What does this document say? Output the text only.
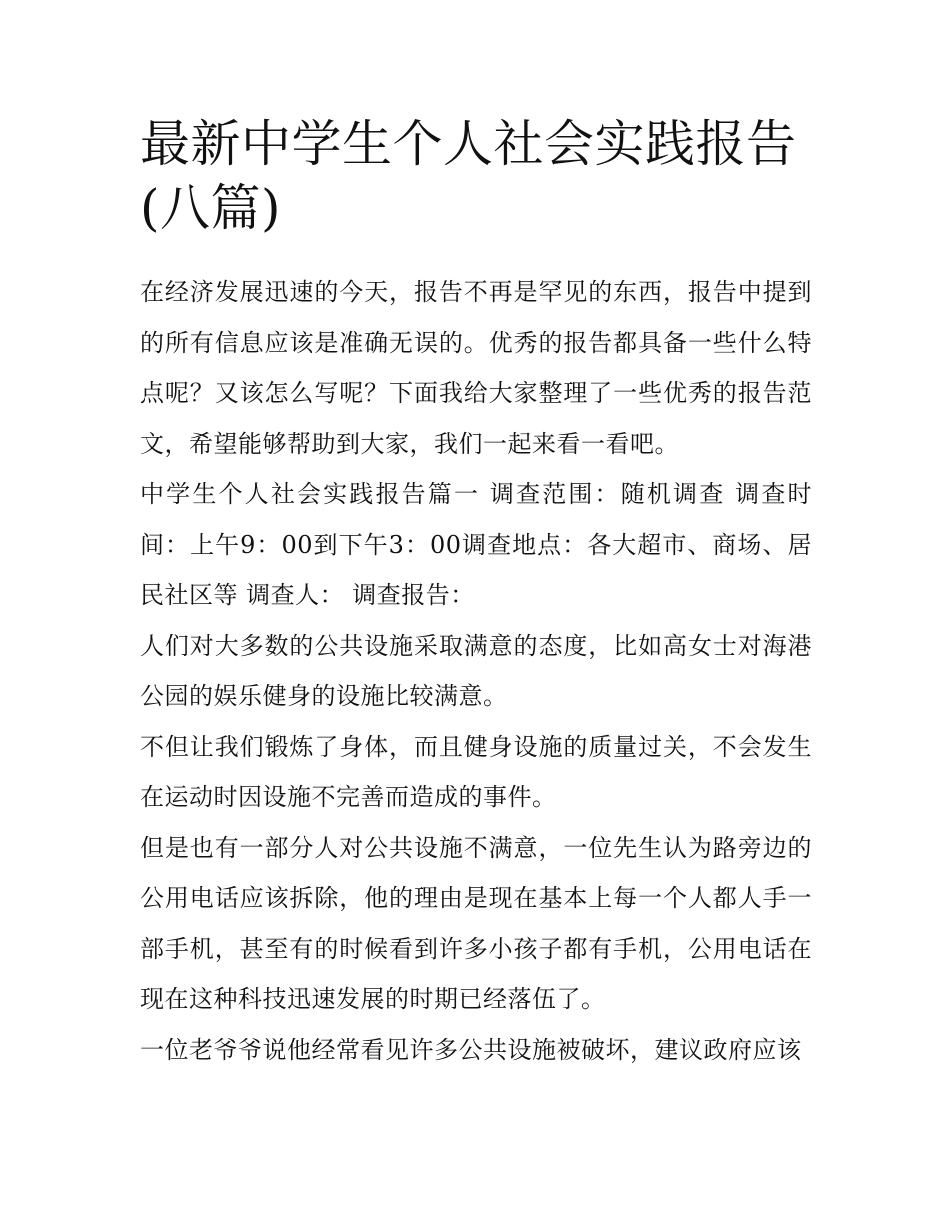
最新中学生个人社会实践报告(八篇)

在经济发展迅速的今天，报告不再是罕见的东西，报告中提到的所有信息应该是准确无误的。优秀的报告都具备一些什么特点呢？又该怎么写呢？下面我给大家整理了一些优秀的报告范文，希望能够帮助到大家，我们一起来看一看吧。

中学生个人社会实践报告篇一 调查范围：随机调查 调查时间：上午9：00到下午3：00调查地点：各大超市、商场、居民社区等 调查人： 调查报告：

人们对大多数的公共设施采取满意的态度，比如高女士对海港公园的娱乐健身的设施比较满意。

不但让我们锻炼了身体，而且健身设施的质量过关，不会发生在运动时因设施不完善而造成的事件。

但是也有一部分人对公共设施不满意，一位先生认为路旁边的公用电话应该拆除，他的理由是现在基本上每一个人都人手一部手机，甚至有的时候看到许多小孩子都有手机，公用电话在现在这种科技迅速发展的时期已经落伍了。

一位老爷爷说他经常看见许多公共设施被破坏，建议政府应该
